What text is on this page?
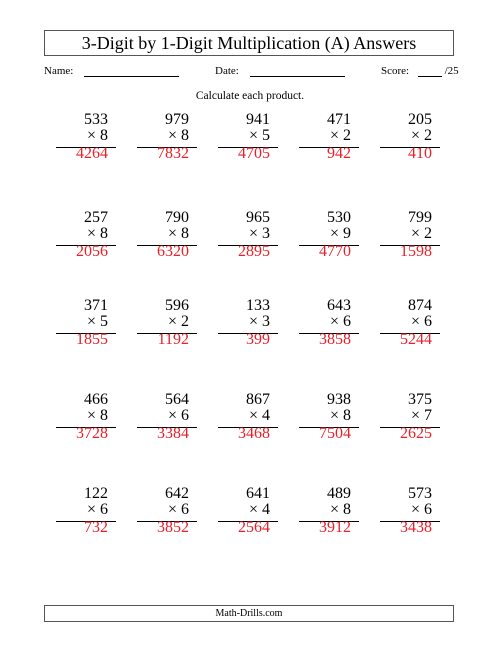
3-Digit by 1-Digit Multiplication (A) Answers
Name:	Date:	Score:	/25
Calculate each product.
533
× 8
4264
979
× 8
7832
941
× 5
4705
471
× 2
942
205
× 2
410
257
× 8
2056
790
× 8
6320
965
× 3
2895
530
× 9
4770
799
× 2
1598
371
× 5
1855
596
× 2
1192
133
× 3
399
643
× 6
3858
874
× 6
5244
466
× 8
3728
564
× 6
3384
867
× 4
3468
938
× 8
7504
375
× 7
2625
122
× 6
732
642
× 6
3852
641
× 4
2564
489
× 8
3912
573
× 6
3438
Math-Drills.com
